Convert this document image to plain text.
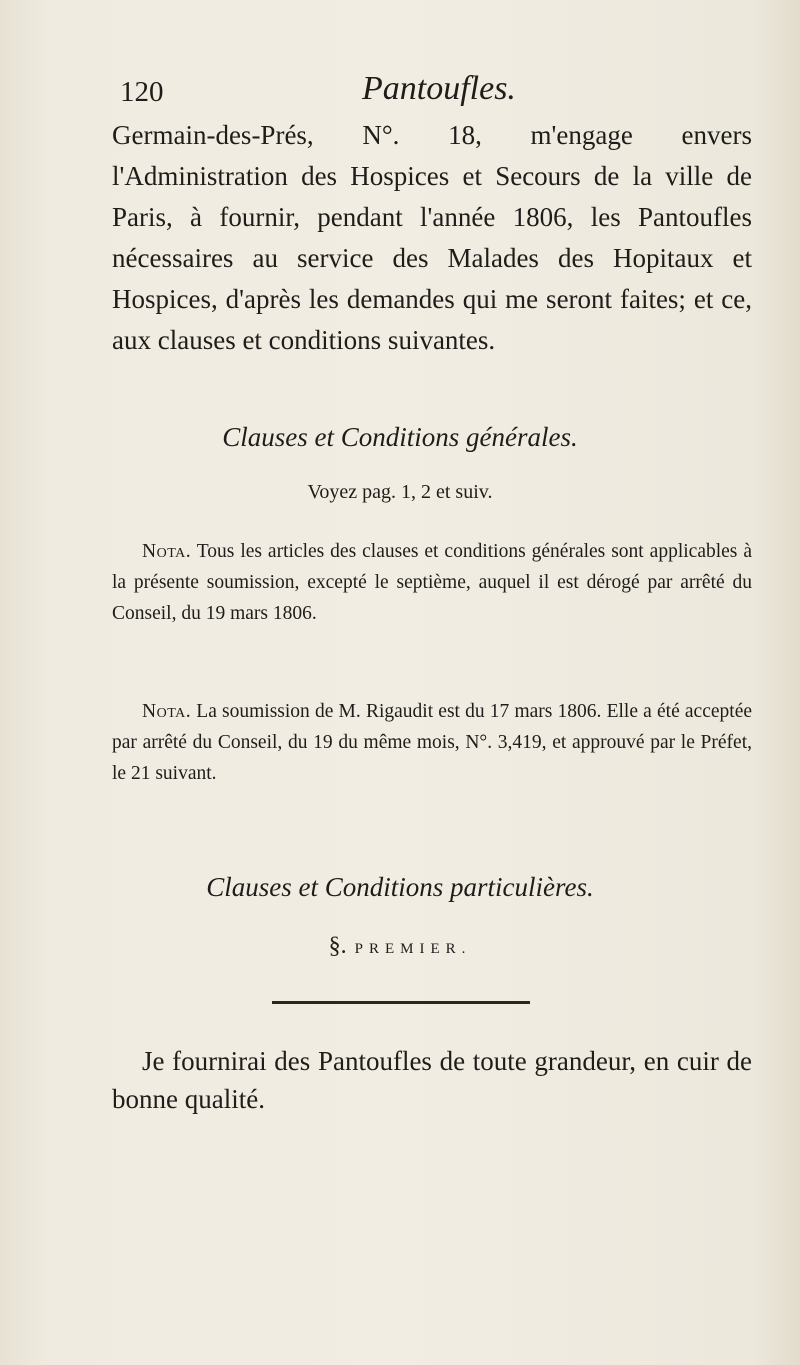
120	Pantoufles.

Germain-des-Prés, N°. 18, m'engage envers l'Administration des Hospices et Secours de la ville de Paris, à fournir, pendant l'année 1806, les Pantoufles nécessaires au service des Malades des Hopitaux et Hospices, d'après les demandes qui me seront faites; et ce, aux clauses et conditions suivantes.

Clauses et Conditions générales.
Voyez pag. 1, 2 et suiv.

Nota. Tous les articles des clauses et conditions générales sont applicables à la présente soumission, excepté le septième, auquel il est dérogé par arrêté du Conseil, du 19 mars 1806.

Nota. La soumission de M. Rigaudit est du 17 mars 1806. Elle a été acceptée par arrêté du Conseil, du 19 du même mois, N°. 3,419, et approuvé par le Préfet, le 21 suivant.

Clauses et Conditions particulières.
§. PREMIER.

Je fournirai des Pantoufles de toute grandeur, en cuir de bonne qualité.
